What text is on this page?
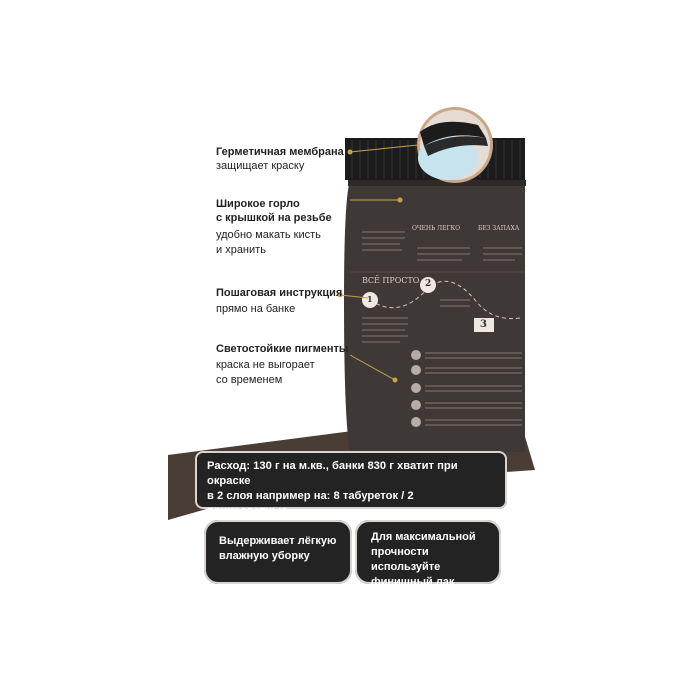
ОЧЕНЬ ЛЕГКО	БЕЗ ЗАПАХА
ВСЁ ПРОСТО
1
2
3
Герметичная мембрана
защищает краску
Широкое горло
с крышкой на резьбе
удобно макать кисть
и хранить
Пошаговая инструкция
прямо на банке
Светостойкие пигменты
краска не выгорает
со временем
Расход: 130 г на м.кв., банки 830 г хватит при окраске
в 2 слоя например на: 8 табуреток / 2 прикроватные
Выдерживает лёгкую
влажную уборку
Для максимальной
прочности используйте
финишный лак
